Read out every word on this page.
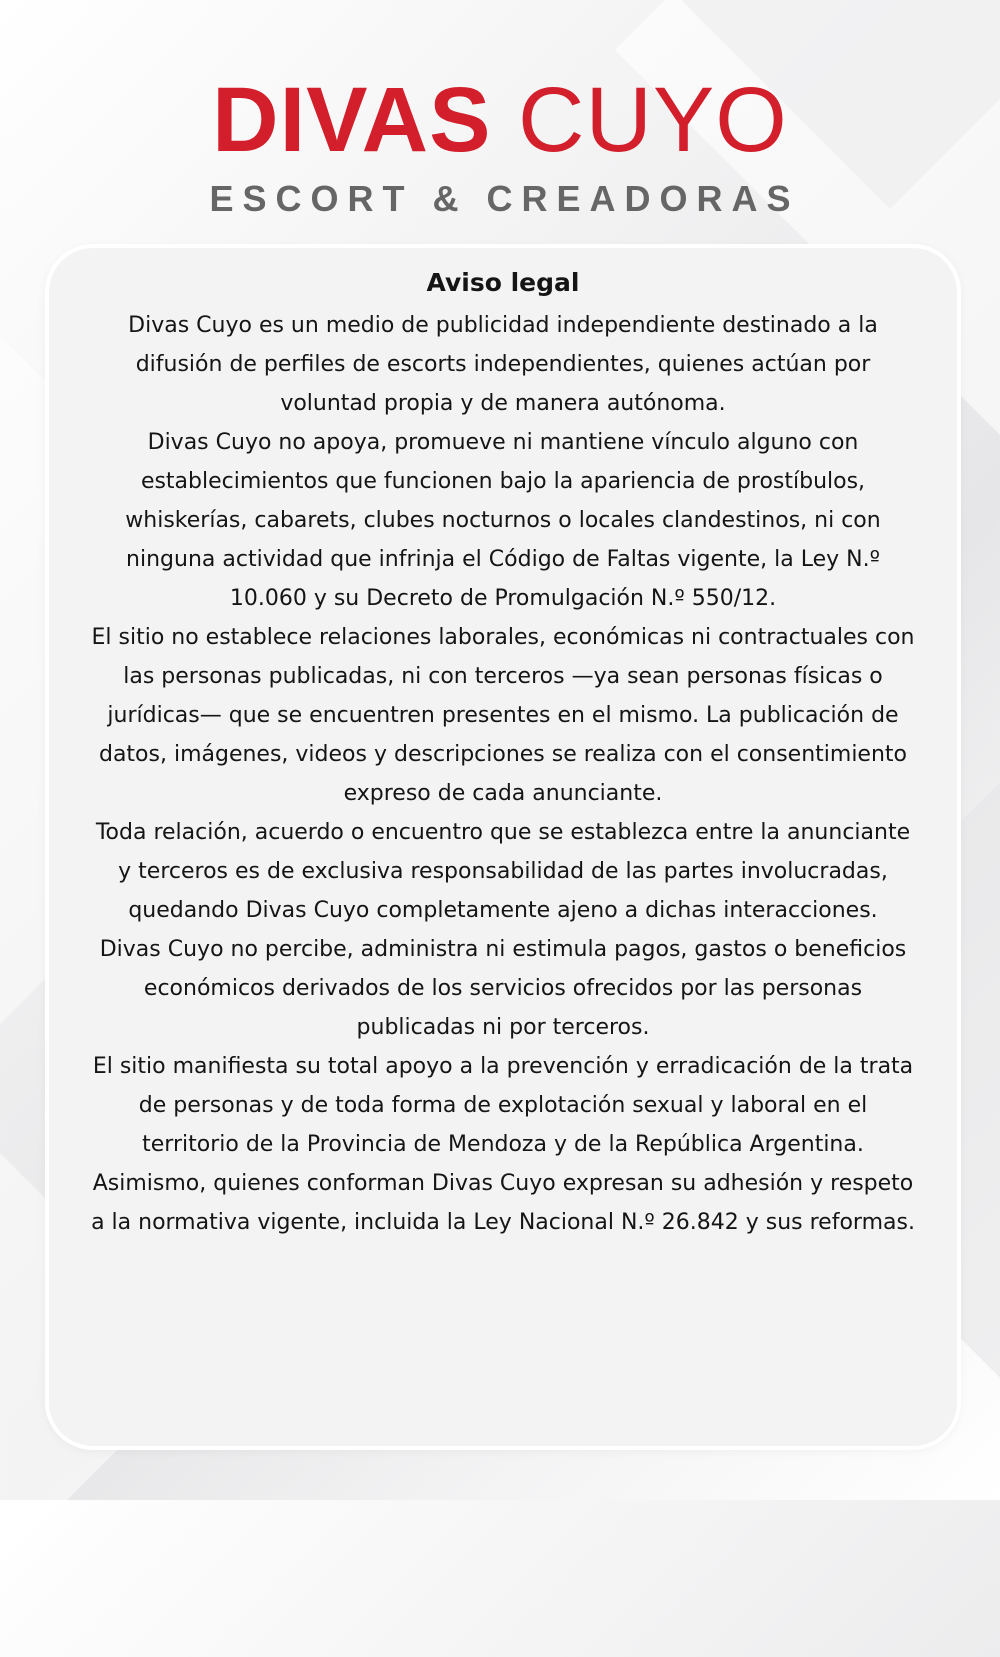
DIVAS CUYO
ESCORT & CREADORAS

Aviso legal

Divas Cuyo es un medio de publicidad independiente destinado a la difusión de perfiles de escorts independientes, quienes actúan por voluntad propia y de manera autónoma.

Divas Cuyo no apoya, promueve ni mantiene vínculo alguno con establecimientos que funcionen bajo la apariencia de prostíbulos, whiskerías, cabarets, clubes nocturnos o locales clandestinos, ni con ninguna actividad que infrinja el Código de Faltas vigente, la Ley N.º 10.060 y su Decreto de Promulgación N.º 550/12.

El sitio no establece relaciones laborales, económicas ni contractuales con las personas publicadas, ni con terceros —ya sean personas físicas o jurídicas— que se encuentren presentes en el mismo. La publicación de datos, imágenes, videos y descripciones se realiza con el consentimiento expreso de cada anunciante.

Toda relación, acuerdo o encuentro que se establezca entre la anunciante y terceros es de exclusiva responsabilidad de las partes involucradas, quedando Divas Cuyo completamente ajeno a dichas interacciones.

Divas Cuyo no percibe, administra ni estimula pagos, gastos o beneficios económicos derivados de los servicios ofrecidos por las personas publicadas ni por terceros.

El sitio manifiesta su total apoyo a la prevención y erradicación de la trata de personas y de toda forma de explotación sexual y laboral en el territorio de la Provincia de Mendoza y de la República Argentina.

Asimismo, quienes conforman Divas Cuyo expresan su adhesión y respeto a la normativa vigente, incluida la Ley Nacional N.º 26.842 y sus reformas.
